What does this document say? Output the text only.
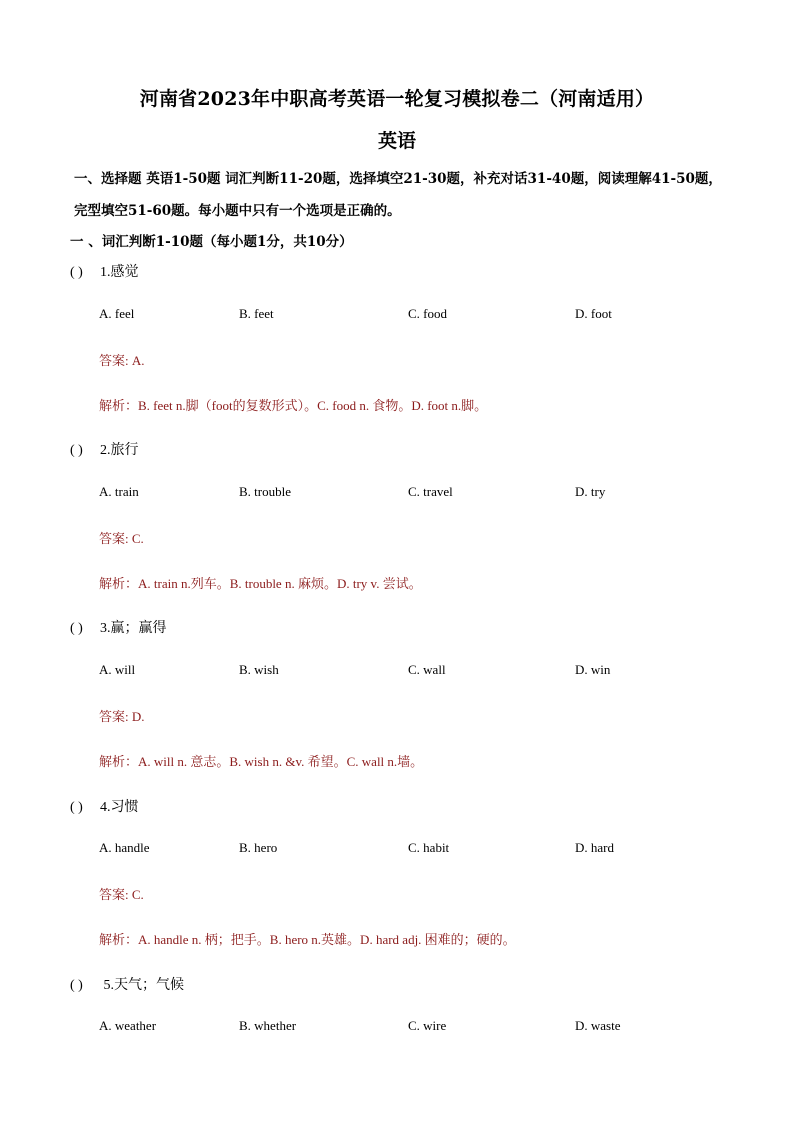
河南省2023年中职高考英语一轮复习模拟卷二（河南适用）
英语
一、选择题 英语1-50题 词汇判断11-20题，选择填空21-30题，补充对话31-40题，阅读理解41-50题，
完型填空51-60题。每小题中只有一个选项是正确的。
一 、词汇判断1-10题（每小题1分，共10分）
( ) 1.感觉
A. feel	B. feet	C. food	D. foot
答案: A.
解析：B. feet n.脚（foot的复数形式）。C. food n. 食物。D. foot n.脚。
( ) 2.旅行
A. train	B. trouble	C. travel	D. try
答案: C.
解析：A. train n.列车。B. trouble n. 麻烦。D. try v. 尝试。
( ) 3.赢；赢得
A. will	B. wish	C. wall	D. win
答案: D.
解析：A. will n. 意志。B. wish n. &v. 希望。C. wall n.墙。
( ) 4.习惯
A. handle	B. hero	C. habit	D. hard
答案: C.
解析：A. handle n. 柄；把手。B. hero n.英雄。D. hard adj. 困难的；硬的。
( ) 5.天气；气候
A. weather	B. whether	C. wire	D. waste
